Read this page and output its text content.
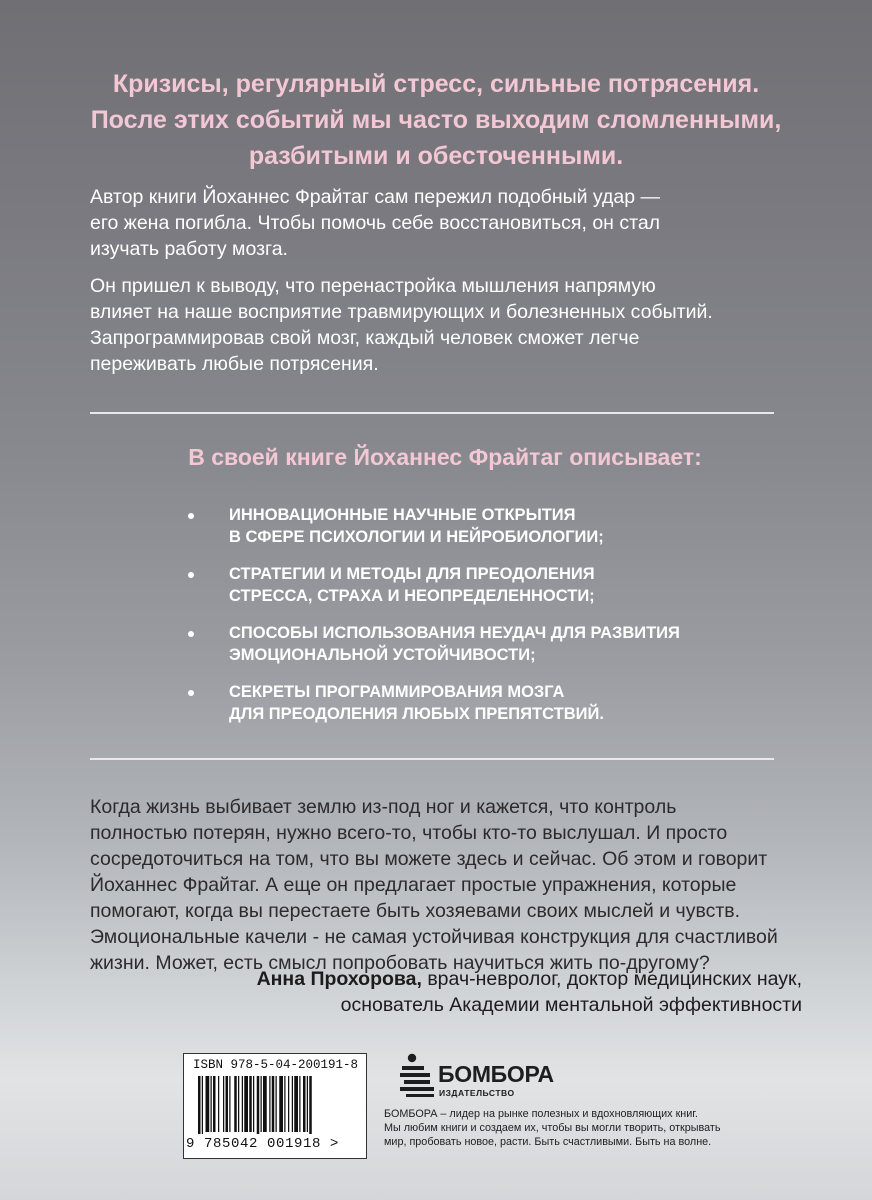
Кризисы, регулярный стресс, сильные потрясения.
После этих событий мы часто выходим сломленными,
разбитыми и обесточенными.
Автор книги Йоханнес Фрайтаг сам пережил подобный удар —
его жена погибла. Чтобы помочь себе восстановиться, он стал
изучать работу мозга.
Он пришел к выводу, что перенастройка мышления напрямую
влияет на наше восприятие травмирующих и болезненных событий.
Запрограммировав свой мозг, каждый человек сможет легче
переживать любые потрясения.
В своей книге Йоханнес Фрайтаг описывает:
ИННОВАЦИОННЫЕ НАУЧНЫЕ ОТКРЫТИЯ
В СФЕРЕ ПСИХОЛОГИИ И НЕЙРОБИОЛОГИИ;
СТРАТЕГИИ И МЕТОДЫ ДЛЯ ПРЕОДОЛЕНИЯ
СТРЕССА, СТРАХА И НЕОПРЕДЕЛЕННОСТИ;
СПОСОБЫ ИСПОЛЬЗОВАНИЯ НЕУДАЧ ДЛЯ РАЗВИТИЯ
ЭМОЦИОНАЛЬНОЙ УСТОЙЧИВОСТИ;
СЕКРЕТЫ ПРОГРАММИРОВАНИЯ МОЗГА
ДЛЯ ПРЕОДОЛЕНИЯ ЛЮБЫХ ПРЕПЯТСТВИЙ.
Когда жизнь выбивает землю из-под ног и кажется, что контроль
полностью потерян, нужно всего-то, чтобы кто-то выслушал. И просто
сосредоточиться на том, что вы можете здесь и сейчас. Об этом и говорит
Йоханнес Фрайтаг. А еще он предлагает простые упражнения, которые
помогают, когда вы перестаете быть хозяевами своих мыслей и чувств.
Эмоциональные качели - не самая устойчивая конструкция для счастливой
жизни. Может, есть смысл попробовать научиться жить по-другому?
Анна Прохорова, врач-невролог, доктор медицинских наук,
основатель Академии ментальной эффективности
ISBN 978-5-04-200191-8
9 785042 001918 >
БОМБОРА
ИЗДАТЕЛЬСТВО
БОМБОРА – лидер на рынке полезных и вдохновляющих книг.
Мы любим книги и создаем их, чтобы вы могли творить, открывать
мир, пробовать новое, расти. Быть счастливыми. Быть на волне.
